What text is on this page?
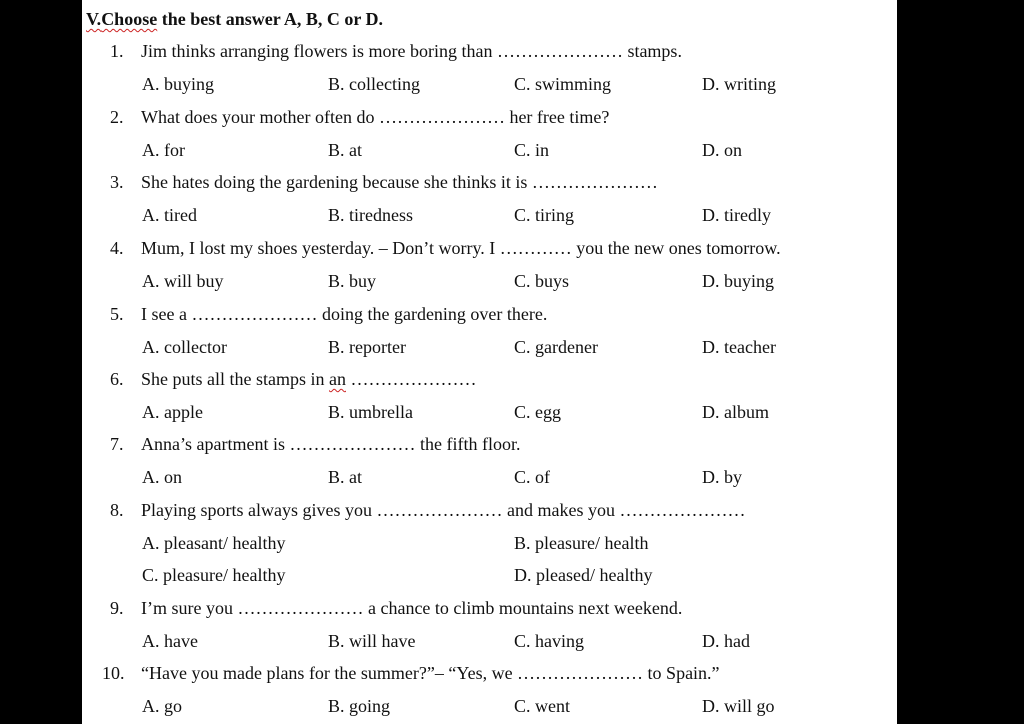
V.Choose the best answer A, B, C or D.
1. Jim thinks arranging flowers is more boring than ………………… stamps.
A. buying	B. collecting	C. swimming	D. writing
2. What does your mother often do ………………… her free time?
A. for	B. at	C. in	D. on
3. She hates doing the gardening because she thinks it is …………………
A. tired	B. tiredness	C. tiring	D. tiredly
4. Mum, I lost my shoes yesterday. – Don’t worry. I ………… you the new ones tomorrow.
A. will buy	B. buy	C. buys	D. buying
5. I see a ………………… doing the gardening over there.
A. collector	B. reporter	C. gardener	D. teacher
6. She puts all the stamps in an …………………
A. apple	B. umbrella	C. egg	D. album
7. Anna’s apartment is ………………… the fifth floor.
A. on	B. at	C. of	D. by
8. Playing sports always gives you ………………… and makes you …………………
A. pleasant/ healthy	B. pleasure/ health
C. pleasure/ healthy	D. pleased/ healthy
9. I’m sure you ………………… a chance to climb mountains next weekend.
A. have	B. will have	C. having	D. had
10. “Have you made plans for the summer?”– “Yes, we ………………… to Spain.”
A. go	B. going	C. went	D. will go
